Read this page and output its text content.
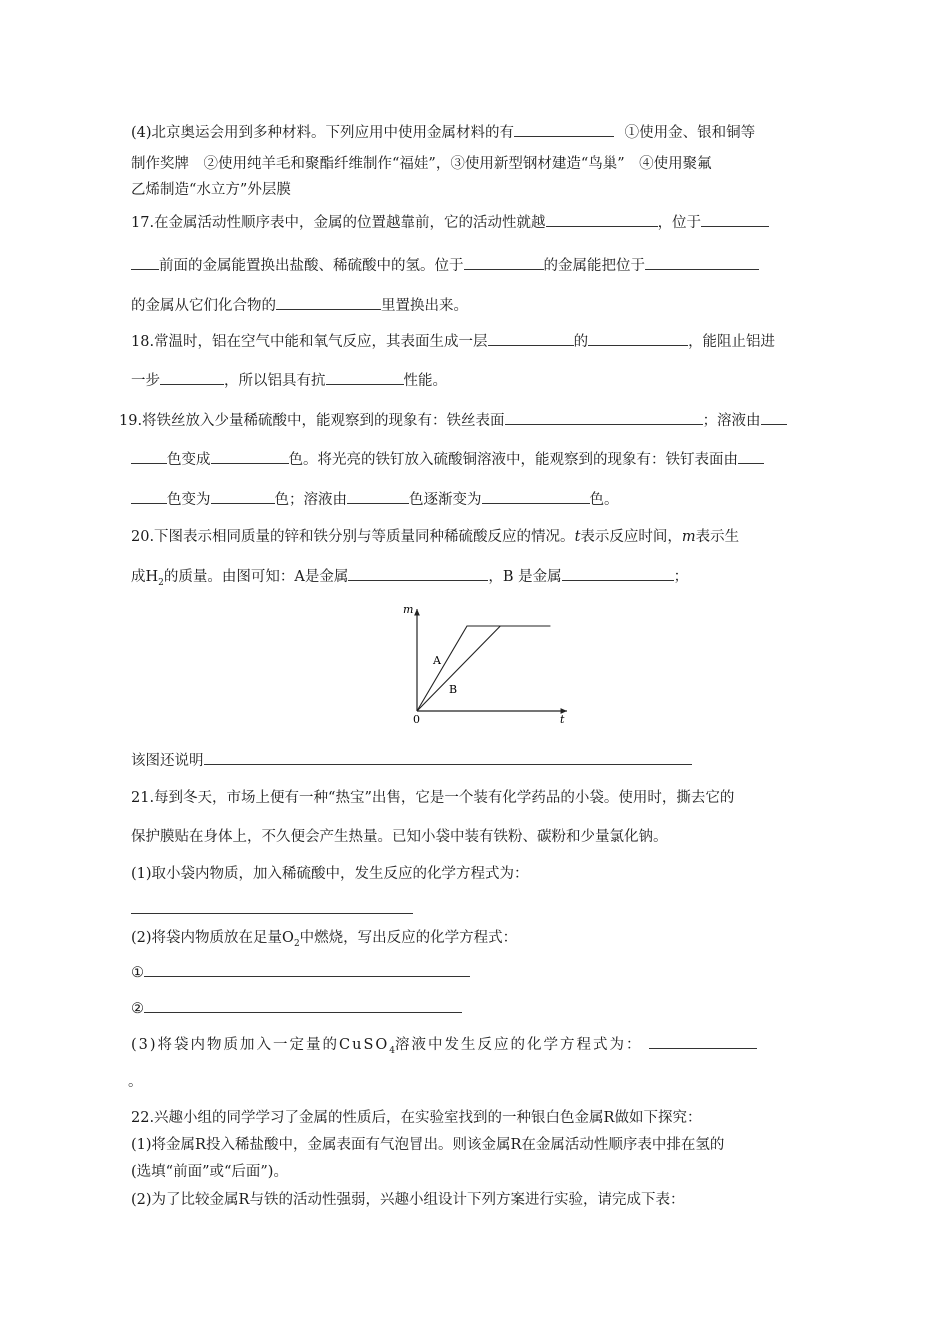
(4)北京奥运会用到多种材料。下列应用中使用金属材料的有	①使用金、银和铜等
制作奖牌　②使用纯羊毛和聚酯纤维制作“福娃”，③使用新型钢材建造“鸟巢”　④使用聚氟
乙烯制造“水立方”外层膜
17.在金属活动性顺序表中，金属的位置越靠前，它的活动性就越	，位于
前面的金属能置换出盐酸、稀硫酸中的氢。位于	的金属能把位于
的金属从它们化合物的	里置换出来。
18.常温时，铝在空气中能和氧气反应，其表面生成一层	的	，能阻止铝进
一步	，所以铝具有抗	性能。
19.将铁丝放入少量稀硫酸中，能观察到的现象有：铁丝表面	；溶液由
色变成	色。将光亮的铁钉放入硫酸铜溶液中，能观察到的现象有：铁钉表面由
色变为	色；溶液由	色逐渐变为	色。
20.下图表示相同质量的锌和铁分别与等质量同种稀硫酸反应的情况。t表示反应时间，m表示生
成$H_2$的质量。由图可知：A是金属	，B 是金属	；
m
t
0
A
B
该图还说明
21.每到冬天，市场上便有一种“热宝”出售，它是一个装有化学药品的小袋。使用时，撕去它的
保护膜贴在身体上，不久便会产生热量。已知小袋中装有铁粉、碳粉和少量氯化钠。
(1)取小袋内物质，加入稀硫酸中，发生反应的化学方程式为：
(2)将袋内物质放在足量$O_2$中燃烧，写出反应的化学方程式：
①
②
(3)将袋内物质加入一定量的CuSO$_4$溶液中发生反应的化学方程式为：
。
22.兴趣小组的同学学习了金属的性质后，在实验室找到的一种银白色金属R做如下探究：
(1)将金属R投入稀盐酸中，金属表面有气泡冒出。则该金属R在金属活动性顺序表中排在氢的
(选填“前面”或“后面”)。
(2)为了比较金属R与铁的活动性强弱，兴趣小组设计下列方案进行实验，请完成下表：
